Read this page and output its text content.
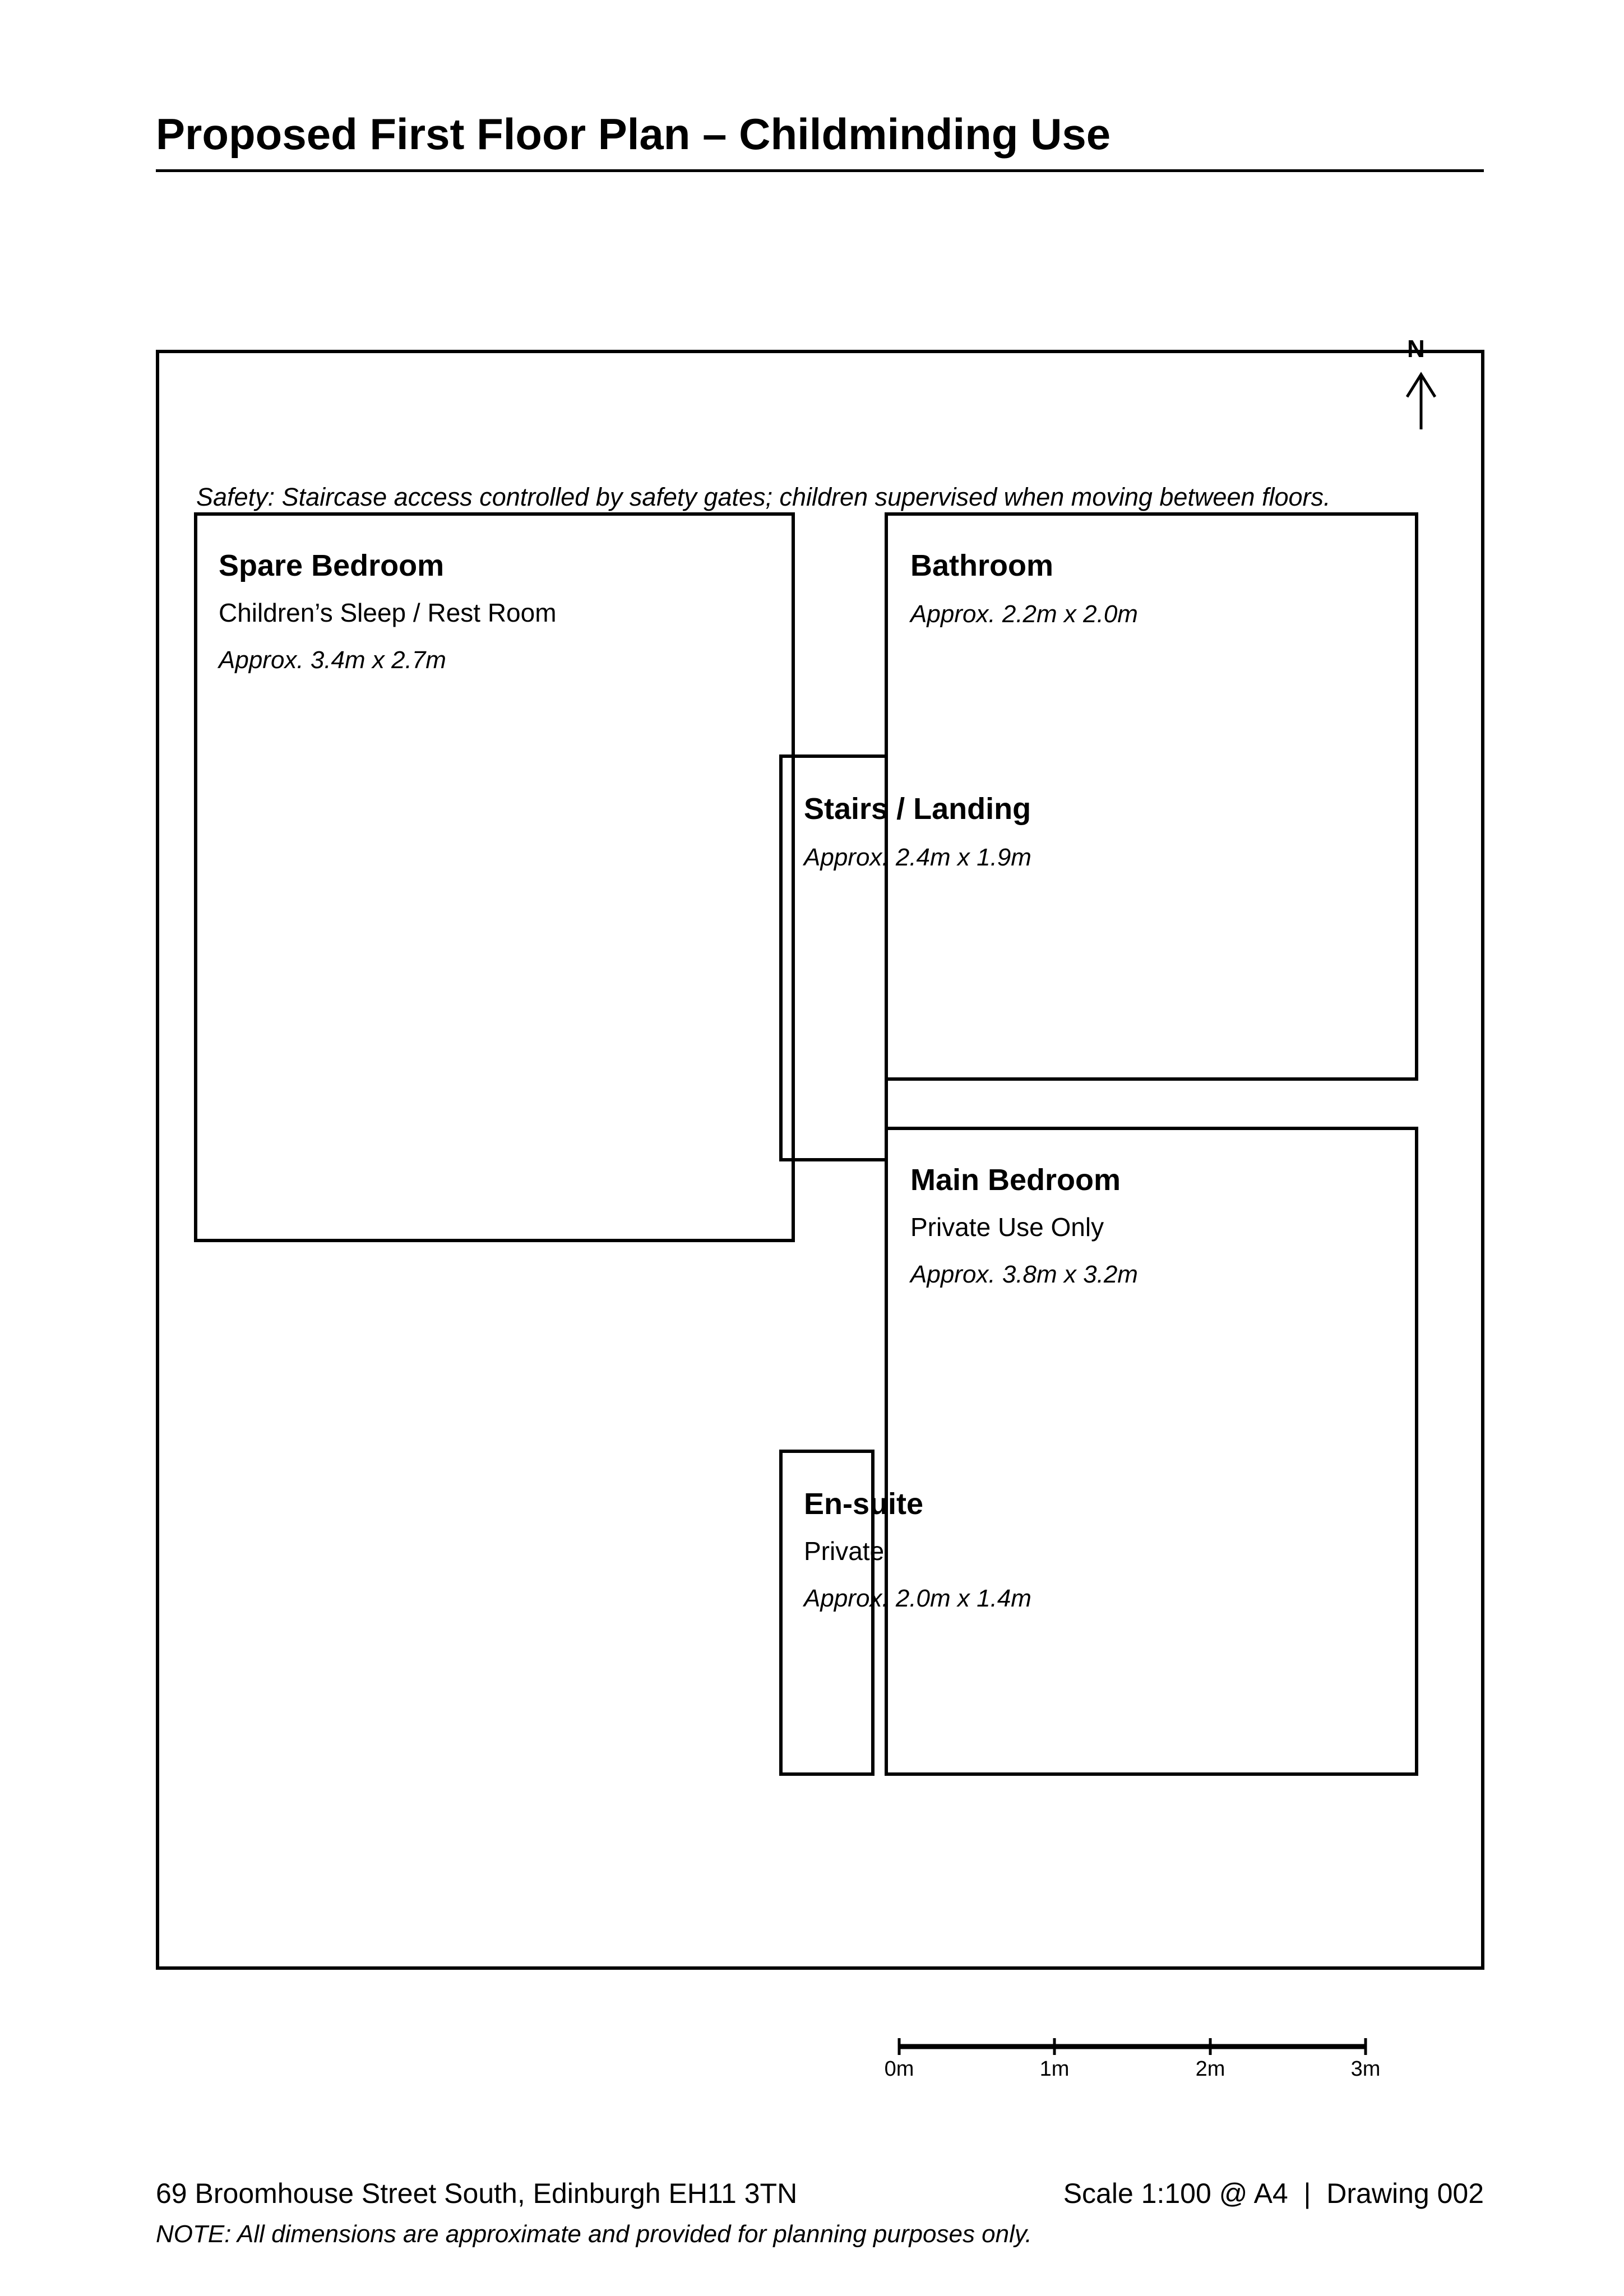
Proposed First Floor Plan – Childminding Use
N
Safety: Staircase access controlled by safety gates; children supervised when moving between floors.
Spare Bedroom
Children’s Sleep / Rest Room
Approx. 3.4m x 2.7m
Bathroom
Approx. 2.2m x 2.0m
Stairs / Landing
Approx. 2.4m x 1.9m
Main Bedroom
Private Use Only
Approx. 3.8m x 3.2m
En-suite
Private
Approx. 2.0m x 1.4m
0m	1m	2m	3m
69 Broomhouse Street South, Edinburgh EH11 3TN	Scale 1:100 @ A4  |  Drawing 002
NOTE: All dimensions are approximate and provided for planning purposes only.
